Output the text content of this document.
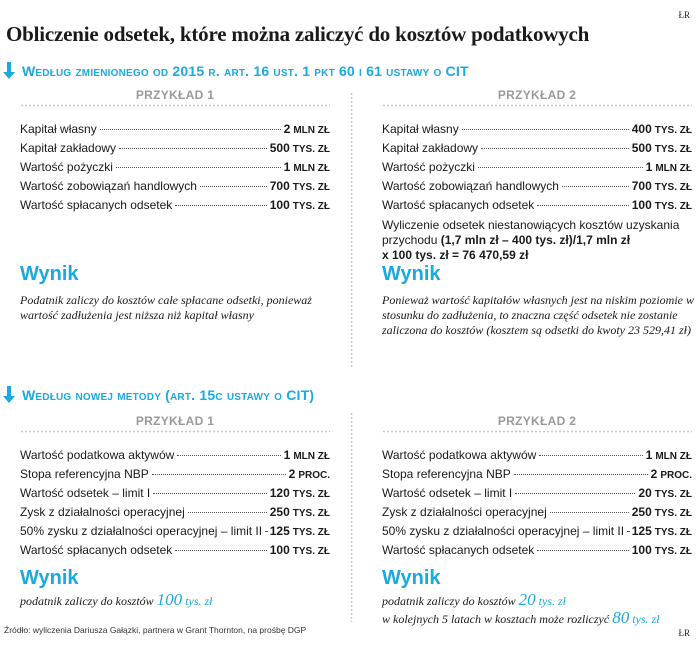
Obliczenie odsetek, które można zaliczyć do kosztów podatkowych
ŁR
Według zmienionego od 2015 r. art. 16 ust. 1 pkt 60 i 61 ustawy o CIT
PRZYKŁAD 1
Kapitał własny	2 MLN ZŁ
Kapitał zakładowy	500 TYS. ZŁ
Wartość pożyczki	1 MLN ZŁ
Wartość zobowiązań handlowych	700 TYS. ZŁ
Wartość spłacanych odsetek	100 TYS. ZŁ
Wynik
Podatnik zaliczy do kosztów całe spłacane odsetki, ponieważ wartość zadłużenia jest niższa niż kapitał własny
PRZYKŁAD 2
Kapitał własny	400 TYS. ZŁ
Kapitał zakładowy	500 TYS. ZŁ
Wartość pożyczki	1 MLN ZŁ
Wartość zobowiązań handlowych	700 TYS. ZŁ
Wartość spłacanych odsetek	100 TYS. ZŁ
Wyliczenie odsetek niestanowiących kosztów uzyskania
przychodu (1,7 mln zł – 400 tys. zł)/1,7 mln zł
x 100 tys. zł = 76 470,59 zł
Wynik
Ponieważ wartość kapitałów własnych jest na niskim poziomie w stosunku do zadłużenia, to znaczna część odsetek nie zostanie zaliczona do kosztów (kosztem są odsetki do kwoty 23 529,41 zł)
Według nowej metody (art. 15c ustawy o CIT)
PRZYKŁAD 1
Wartość podatkowa aktywów	1 MLN ZŁ
Stopa referencyjna NBP	2 PROC.
Wartość odsetek – limit I	120 TYS. ZŁ
Zysk z działalności operacyjnej	250 TYS. ZŁ
50% zysku z działalności operacyjnej – limit II 125 TYS. ZŁ
Wartość spłacanych odsetek	100 TYS. ZŁ
Wynik
podatnik zaliczy do kosztów 100 tys. zł
PRZYKŁAD 2
Wartość podatkowa aktywów	1 MLN ZŁ
Stopa referencyjna NBP	2 PROC.
Wartość odsetek – limit I	20 TYS. ZŁ
Zysk z działalności operacyjnej	250 TYS. ZŁ
50% zysku z działalności operacyjnej – limit II 125 TYS. ZŁ
Wartość spłacanych odsetek	100 TYS. ZŁ
Wynik
podatnik zaliczy do kosztów 20 tys. zł
w kolejnych 5 latach w kosztach może rozliczyć 80 tys. zł
Źródło: wyliczenia Dariusza Gałązki, partnera w Grant Thornton, na prośbę DGP	ŁR
